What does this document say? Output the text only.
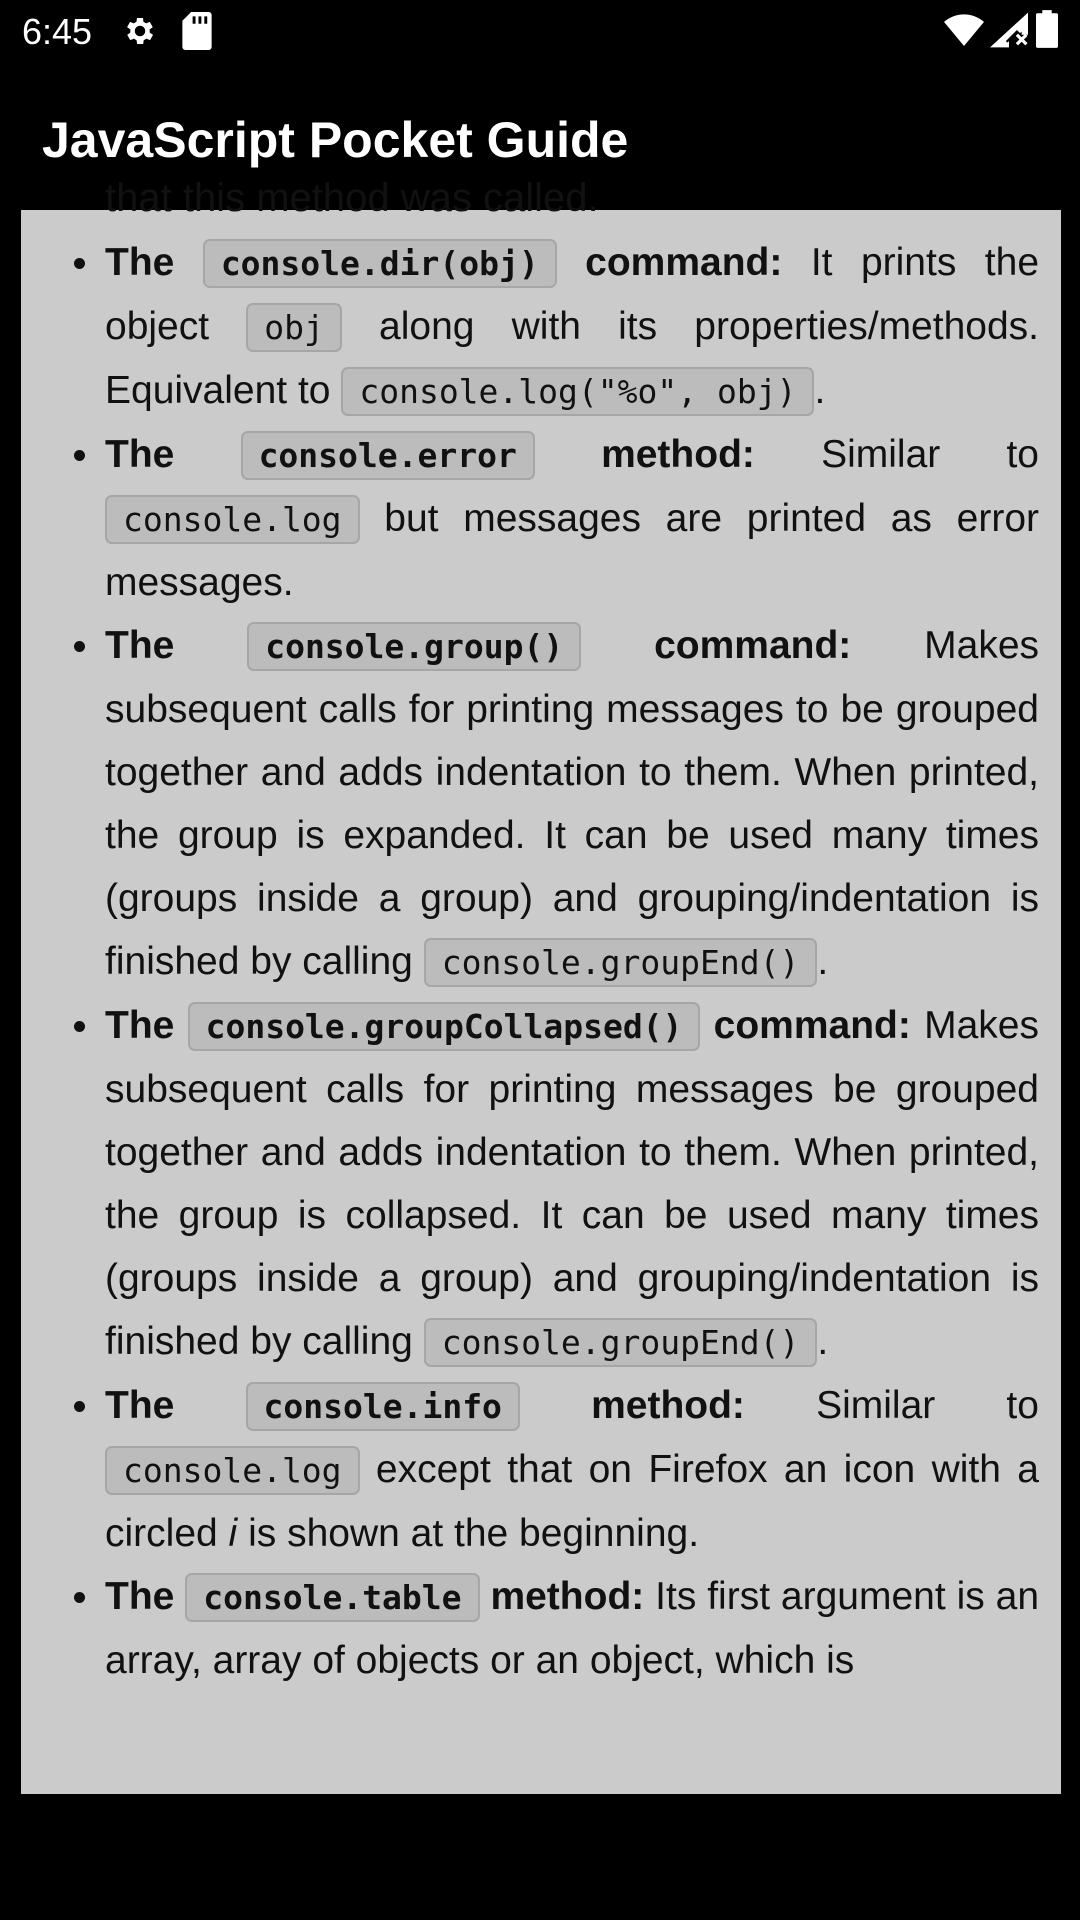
6:45
JavaScript Pocket Guide
that this method was called.
The console.dir(obj) command: It prints the object obj along with its properties/methods. Equivalent to console.log("%o", obj) .
The	console.error method: Similar to console.log but messages are printed as error messages.
The	console.group() command: Makes subsequent calls for printing messages to be grouped together and adds indentation to them. When printed, the group is expanded. It can be used many times (groups inside a group) and grouping/indentation is finished by calling console.groupEnd() .
The console.groupCollapsed() command: Makes subsequent calls for printing messages be grouped together and adds indentation to them. When printed, the group is collapsed. It can be used many times (groups inside a group) and grouping/indentation is finished by calling console.groupEnd() .
The	console.info method: Similar to console.log except that on Firefox an icon with a circled i is shown at the beginning.
The console.table method: Its first argument is an array, array of objects or an object, which is
